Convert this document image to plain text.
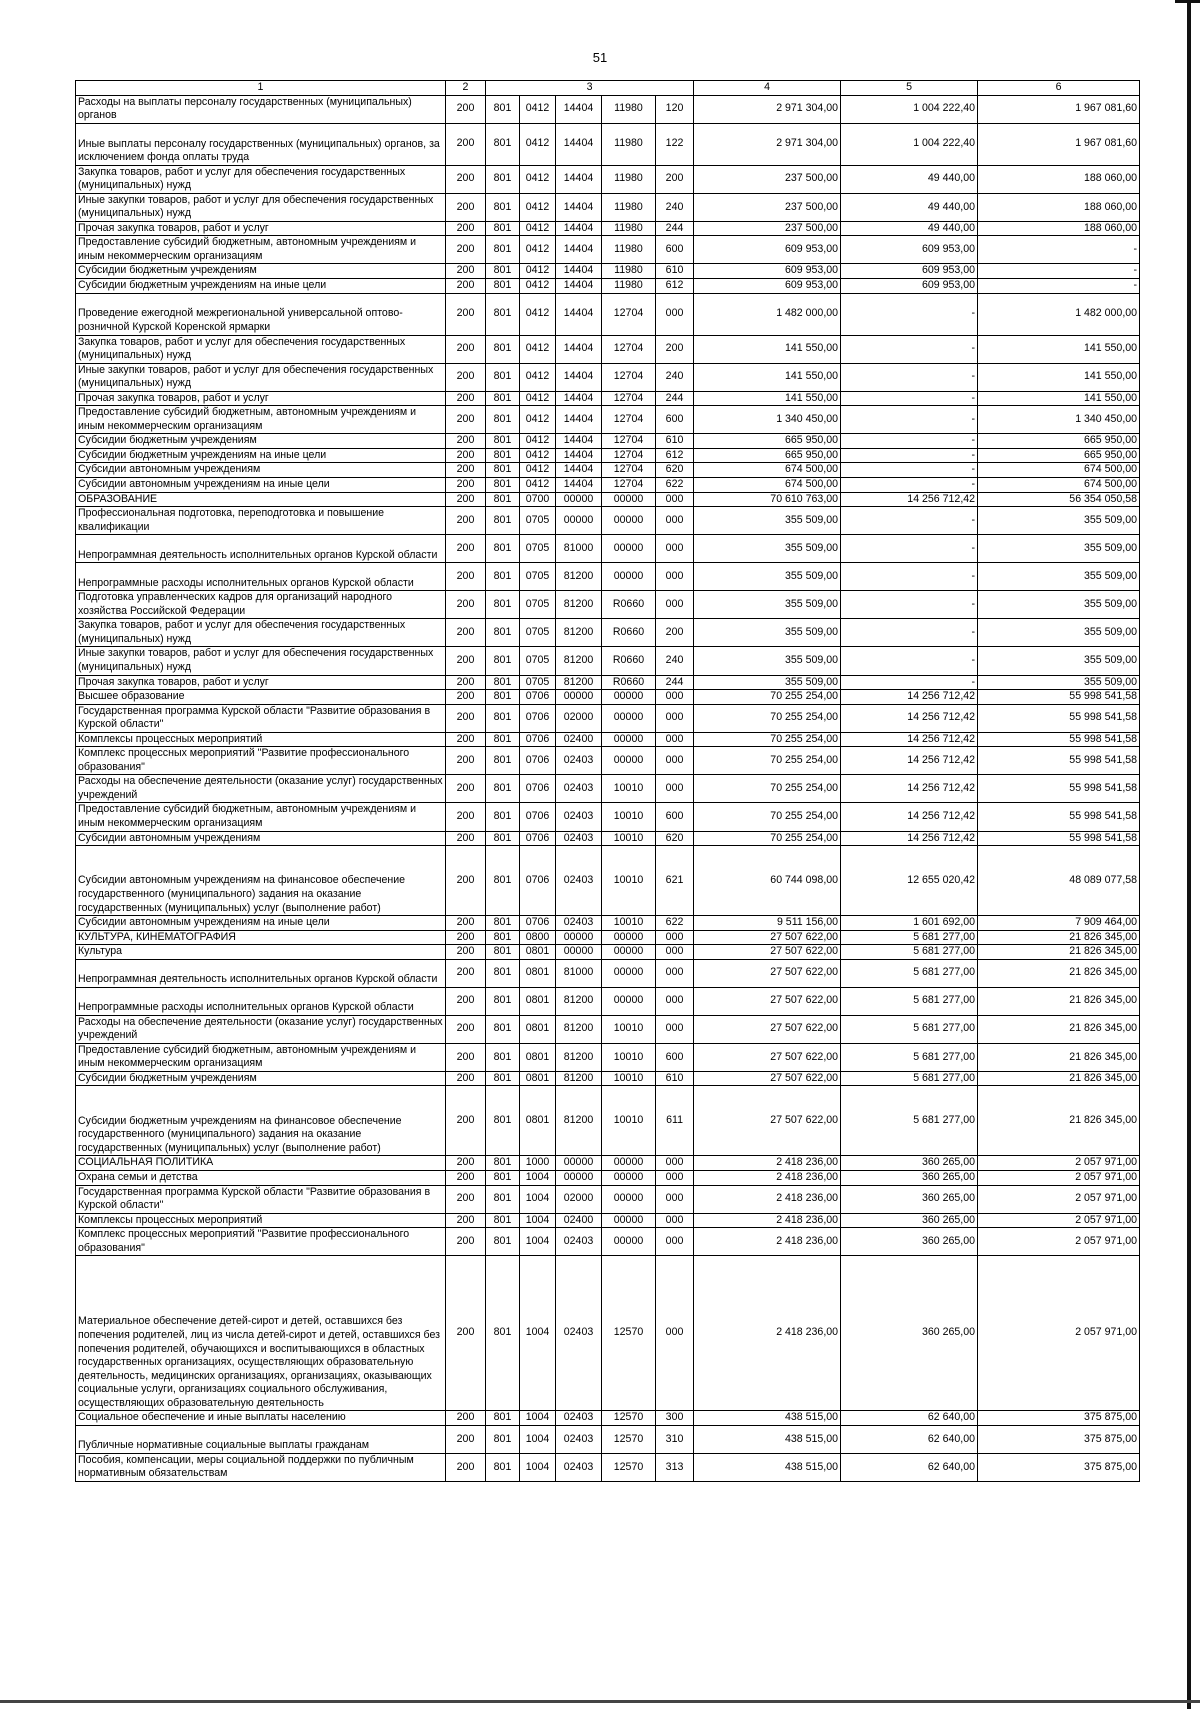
51
1	2	3					4	5	6
Расходы на выплаты персоналу государственных (муниципальных) органов	200	801	0412	14404	11980	120	2 971 304,00	1 004 222,40	1 967 081,60
Иные выплаты персоналу государственных (муниципальных) органов, за исключением фонда оплаты труда	200	801	0412	14404	11980	122	2 971 304,00	1 004 222,40	1 967 081,60
Закупка товаров, работ и услуг для обеспечения государственных (муниципальных) нужд	200	801	0412	14404	11980	200	237 500,00	49 440,00	188 060,00
Иные закупки товаров, работ и услуг для обеспечения государственных (муниципальных) нужд	200	801	0412	14404	11980	240	237 500,00	49 440,00	188 060,00
Прочая закупка товаров, работ и услуг	200	801	0412	14404	11980	244	237 500,00	49 440,00	188 060,00
Предоставление субсидий бюджетным, автономным учреждениям и иным некоммерческим организациям	200	801	0412	14404	11980	600	609 953,00	609 953,00	-
Субсидии бюджетным учреждениям	200	801	0412	14404	11980	610	609 953,00	609 953,00	-
Субсидии бюджетным учреждениям на иные цели	200	801	0412	14404	11980	612	609 953,00	609 953,00	-
Проведение ежегодной межрегиональной универсальной оптово-розничной Курской Коренской ярмарки	200	801	0412	14404	12704	000	1 482 000,00	-	1 482 000,00
Закупка товаров, работ и услуг для обеспечения государственных (муниципальных) нужд	200	801	0412	14404	12704	200	141 550,00	-	141 550,00
Иные закупки товаров, работ и услуг для обеспечения государственных (муниципальных) нужд	200	801	0412	14404	12704	240	141 550,00	-	141 550,00
Прочая закупка товаров, работ и услуг	200	801	0412	14404	12704	244	141 550,00	-	141 550,00
Предоставление субсидий бюджетным, автономным учреждениям и иным некоммерческим организациям	200	801	0412	14404	12704	600	1 340 450,00	-	1 340 450,00
Субсидии бюджетным учреждениям	200	801	0412	14404	12704	610	665 950,00	-	665 950,00
Субсидии бюджетным учреждениям на иные цели	200	801	0412	14404	12704	612	665 950,00	-	665 950,00
Субсидии автономным учреждениям	200	801	0412	14404	12704	620	674 500,00	-	674 500,00
Субсидии автономным учреждениям на иные цели	200	801	0412	14404	12704	622	674 500,00	-	674 500,00
ОБРАЗОВАНИЕ	200	801	0700	00000	00000	000	70 610 763,00	14 256 712,42	56 354 050,58
Профессиональная подготовка, переподготовка и повышение квалификации	200	801	0705	00000	00000	000	355 509,00	-	355 509,00
Непрограммная деятельность исполнительных органов Курской области	200	801	0705	81000	00000	000	355 509,00	-	355 509,00
Непрограммные расходы исполнительных органов Курской области	200	801	0705	81200	00000	000	355 509,00	-	355 509,00
Подготовка управленческих кадров для организаций народного хозяйства Российской Федерации	200	801	0705	81200	R0660	000	355 509,00	-	355 509,00
Закупка товаров, работ и услуг для обеспечения государственных (муниципальных) нужд	200	801	0705	81200	R0660	200	355 509,00	-	355 509,00
Иные закупки товаров, работ и услуг для обеспечения государственных (муниципальных) нужд	200	801	0705	81200	R0660	240	355 509,00	-	355 509,00
Прочая закупка товаров, работ и услуг	200	801	0705	81200	R0660	244	355 509,00	-	355 509,00
Высшее образование	200	801	0706	00000	00000	000	70 255 254,00	14 256 712,42	55 998 541,58
Государственная программа Курской области "Развитие образования в Курской области"	200	801	0706	02000	00000	000	70 255 254,00	14 256 712,42	55 998 541,58
Комплексы процессных мероприятий	200	801	0706	02400	00000	000	70 255 254,00	14 256 712,42	55 998 541,58
Комплекс процессных мероприятий "Развитие профессионального образования"	200	801	0706	02403	00000	000	70 255 254,00	14 256 712,42	55 998 541,58
Расходы на обеспечение деятельности (оказание услуг) государственных учреждений	200	801	0706	02403	10010	000	70 255 254,00	14 256 712,42	55 998 541,58
Предоставление субсидий бюджетным, автономным учреждениям и иным некоммерческим организациям	200	801	0706	02403	10010	600	70 255 254,00	14 256 712,42	55 998 541,58
Субсидии автономным учреждениям	200	801	0706	02403	10010	620	70 255 254,00	14 256 712,42	55 998 541,58
Субсидии автономным учреждениям на финансовое обеспечение государственного (муниципального) задания на оказание государственных (муниципальных) услуг (выполнение работ)	200	801	0706	02403	10010	621	60 744 098,00	12 655 020,42	48 089 077,58
Субсидии автономным учреждениям на иные цели	200	801	0706	02403	10010	622	9 511 156,00	1 601 692,00	7 909 464,00
КУЛЬТУРА, КИНЕМАТОГРАФИЯ	200	801	0800	00000	00000	000	27 507 622,00	5 681 277,00	21 826 345,00
Культура	200	801	0801	00000	00000	000	27 507 622,00	5 681 277,00	21 826 345,00
Непрограммная деятельность исполнительных органов Курской области	200	801	0801	81000	00000	000	27 507 622,00	5 681 277,00	21 826 345,00
Непрограммные расходы исполнительных органов Курской области	200	801	0801	81200	00000	000	27 507 622,00	5 681 277,00	21 826 345,00
Расходы на обеспечение деятельности (оказание услуг) государственных учреждений	200	801	0801	81200	10010	000	27 507 622,00	5 681 277,00	21 826 345,00
Предоставление субсидий бюджетным, автономным учреждениям и иным некоммерческим организациям	200	801	0801	81200	10010	600	27 507 622,00	5 681 277,00	21 826 345,00
Субсидии бюджетным учреждениям	200	801	0801	81200	10010	610	27 507 622,00	5 681 277,00	21 826 345,00
Субсидии бюджетным учреждениям на финансовое обеспечение государственного (муниципального) задания на оказание государственных (муниципальных) услуг (выполнение работ)	200	801	0801	81200	10010	611	27 507 622,00	5 681 277,00	21 826 345,00
СОЦИАЛЬНАЯ ПОЛИТИКА	200	801	1000	00000	00000	000	2 418 236,00	360 265,00	2 057 971,00
Охрана семьи и детства	200	801	1004	00000	00000	000	2 418 236,00	360 265,00	2 057 971,00
Государственная программа Курской области "Развитие образования в Курской области"	200	801	1004	02000	00000	000	2 418 236,00	360 265,00	2 057 971,00
Комплексы процессных мероприятий	200	801	1004	02400	00000	000	2 418 236,00	360 265,00	2 057 971,00
Комплекс процессных мероприятий "Развитие профессионального образования"	200	801	1004	02403	00000	000	2 418 236,00	360 265,00	2 057 971,00
Материальное обеспечение детей-сирот и детей, оставшихся без попечения родителей, лиц из числа детей-сирот и детей, оставшихся без попечения родителей, обучающихся и воспитывающихся в областных государственных организациях, осуществляющих образовательную деятельность, медицинских организациях, организациях, оказывающих социальные услуги, организациях социального обслуживания, осуществляющих образовательную деятельность	200	801	1004	02403	12570	000	2 418 236,00	360 265,00	2 057 971,00
Социальное обеспечение и иные выплаты населению	200	801	1004	02403	12570	300	438 515,00	62 640,00	375 875,00
Публичные нормативные социальные выплаты гражданам	200	801	1004	02403	12570	310	438 515,00	62 640,00	375 875,00
Пособия, компенсации, меры социальной поддержки по публичным нормативным обязательствам	200	801	1004	02403	12570	313	438 515,00	62 640,00	375 875,00
